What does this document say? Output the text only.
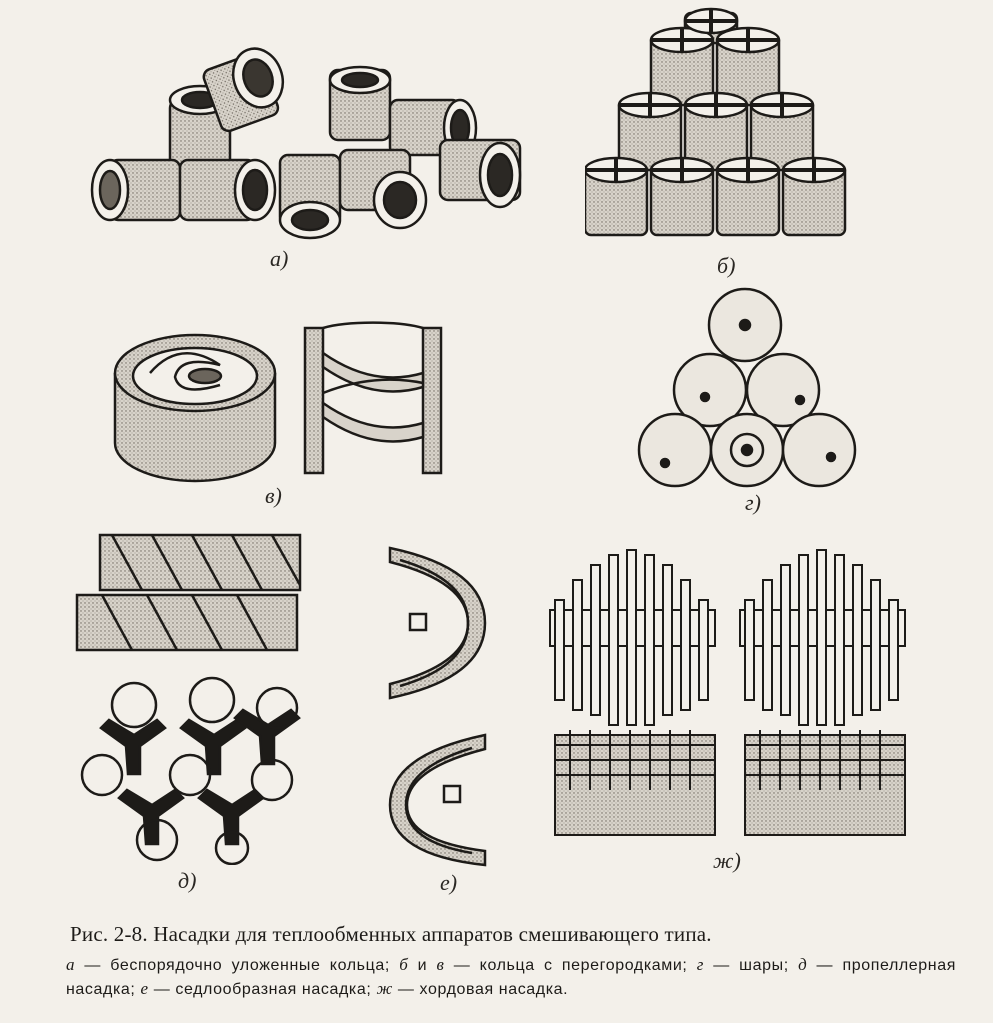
а)	б)
в)	г)
д)	е)
ж)
Рис. 2-8. Насадки для теплообменных аппаратов смешивающего типа.
а — беспорядочно уложенные кольца; б и в — кольца с перегородками; г — шары; д — пропеллерная насадка; е — седлообразная насадка; ж — хордовая насадка.
